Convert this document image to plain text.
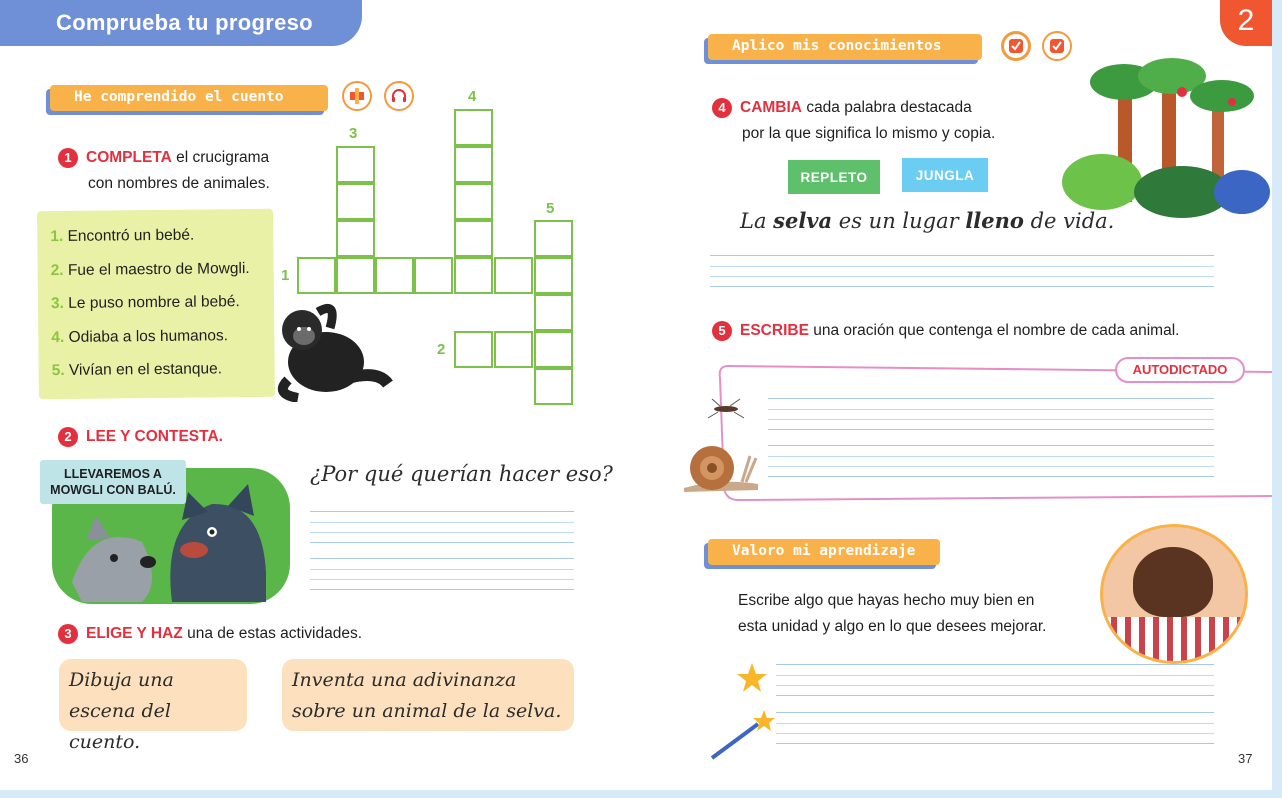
Comprueba tu progreso	2
He comprendido el cuento
1 COMPLETA el crucigrama
con nombres de animales.
1. Encontró un bebé.
2. Fue el maestro de Mowgli.
3. Le puso nombre al bebé.
4. Odiaba a los humanos.
5. Vivían en el estanque.
1
2
3
4
5
2 LEE Y CONTESTA.
LLEVAREMOS A MOWGLI CON BALÚ.
¿Por qué querían hacer eso?
3 ELIGE Y HAZ una de estas actividades.
Dibuja una
escena del cuento.
Inventa una adivinanza
sobre un animal de la selva.
36
Aplico mis conocimientos
4 CAMBIA cada palabra destacada
por la que significa lo mismo y copia.
REPLETO	JUNGLA
La selva es un lugar lleno de vida.
5 ESCRIBE una oración que contenga el nombre de cada animal.
AUTODICTADO
Valoro mi aprendizaje
Escribe algo que hayas hecho muy bien en
esta unidad y algo en lo que desees mejorar.
37
